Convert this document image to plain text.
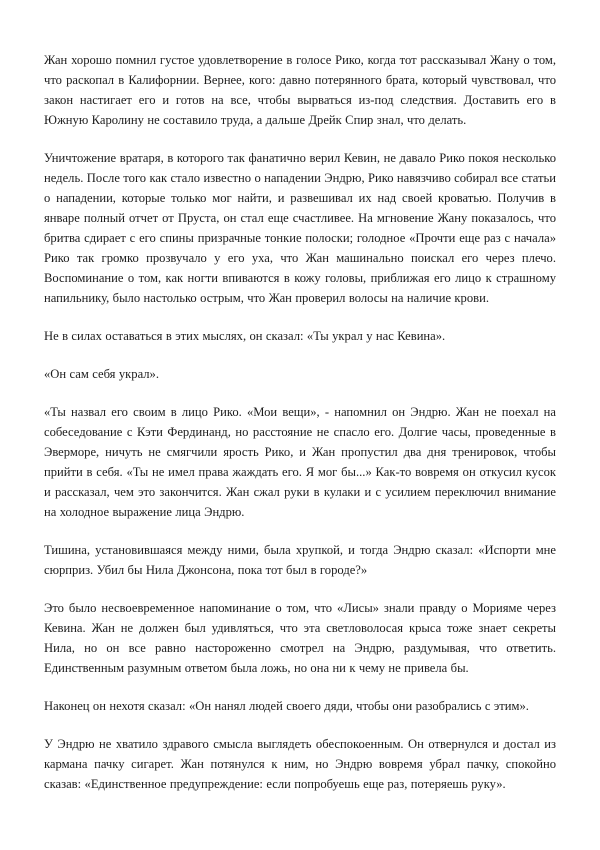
Жан хорошо помнил густое удовлетворение в голосе Рико, когда тот рассказывал Жану о том, что раскопал в Калифорнии. Вернее, кого: давно потерянного брата, который чувствовал, что закон настигает его и готов на все, чтобы вырваться из-под следствия. Доставить его в Южную Каролину не составило труда, а дальше Дрейк Спир знал, что делать.

Уничтожение вратаря, в которого так фанатично верил Кевин, не давало Рико покоя несколько недель. После того как стало известно о нападении Эндрю, Рико навязчиво собирал все статьи о нападении, которые только мог найти, и развешивал их над своей кроватью. Получив в январе полный отчет от Пруста, он стал еще счастливее. На мгновение Жану показалось, что бритва сдирает с его спины призрачные тонкие полоски; голодное «Прочти еще раз с начала» Рико так громко прозвучало у его уха, что Жан машинально поискал его через плечо. Воспоминание о том, как ногти впиваются в кожу головы, приближая его лицо к страшному напильнику, было настолько острым, что Жан проверил волосы на наличие крови.

Не в силах оставаться в этих мыслях, он сказал: «Ты украл у нас Кевина».

«Он сам себя украл».

«Ты назвал его своим в лицо Рико. «Мои вещи», - напомнил он Эндрю. Жан не поехал на собеседование с Кэти Фердинанд, но расстояние не спасло его. Долгие часы, проведенные в Эверморе, ничуть не смягчили ярость Рико, и Жан пропустил два дня тренировок, чтобы прийти в себя. «Ты не имел права жаждать его. Я мог бы...» Как-то вовремя он откусил кусок и рассказал, чем это закончится. Жан сжал руки в кулаки и с усилием переключил внимание на холодное выражение лица Эндрю.

Тишина, установившаяся между ними, была хрупкой, и тогда Эндрю сказал: «Испорти мне сюрприз. Убил бы Нила Джонсона, пока тот был в городе?»

Это было несвоевременное напоминание о том, что «Лисы» знали правду о Морияме через Кевина. Жан не должен был удивляться, что эта светловолосая крыса тоже знает секреты Нила, но он все равно настороженно смотрел на Эндрю, раздумывая, что ответить. Единственным разумным ответом была ложь, но она ни к чему не привела бы.

Наконец он нехотя сказал: «Он нанял людей своего дяди, чтобы они разобрались с этим».

У Эндрю не хватило здравого смысла выглядеть обеспокоенным. Он отвернулся и достал из кармана пачку сигарет. Жан потянулся к ним, но Эндрю вовремя убрал пачку, спокойно сказав: «Единственное предупреждение: если попробуешь еще раз, потеряешь руку».
